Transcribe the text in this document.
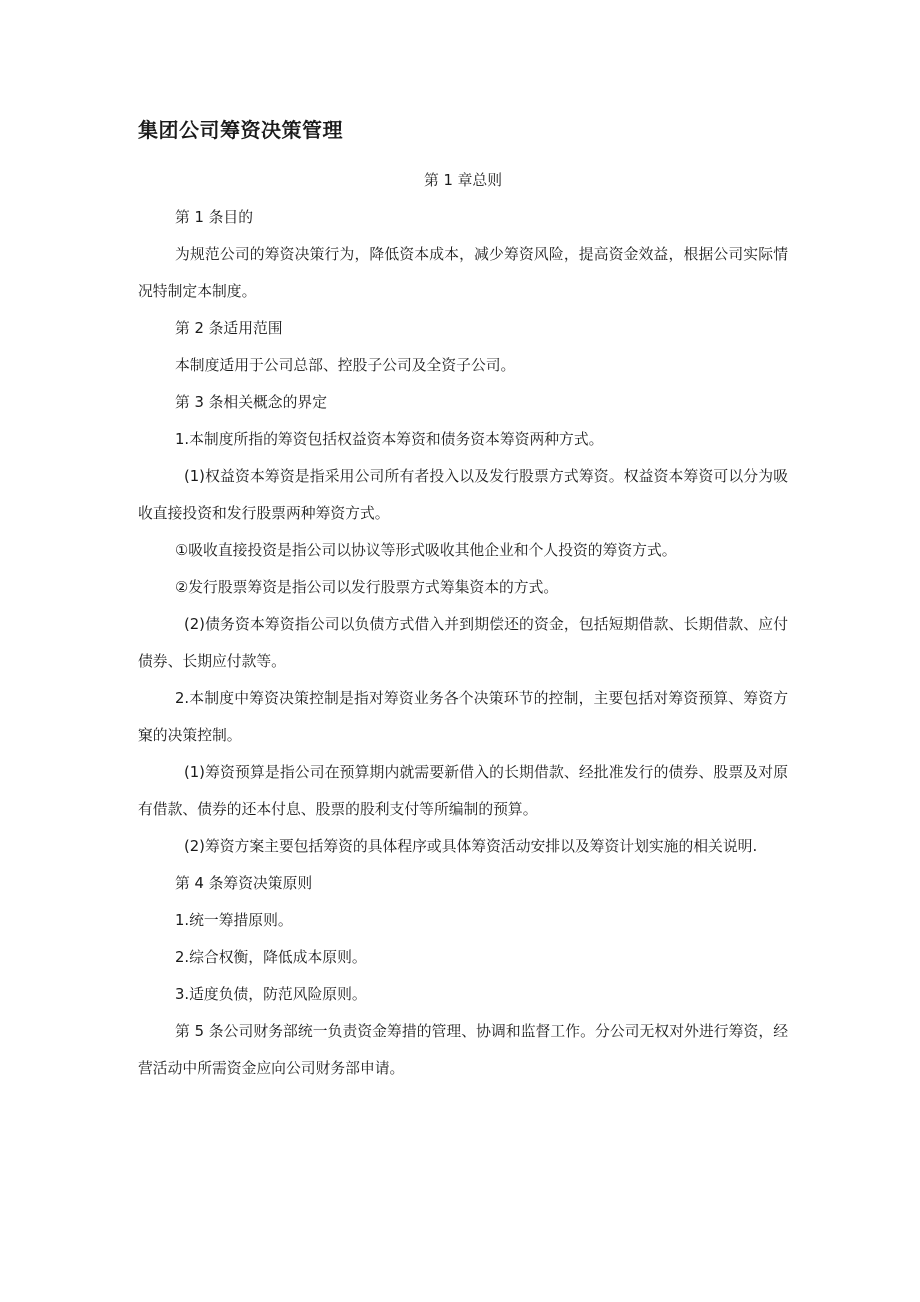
集团公司筹资决策管理

第 1 章总则

第 1 条目的

为规范公司的筹资决策行为，降低资本成本，减少筹资风险，提高资金效益，根据公司实际情况特制定本制度。

第 2 条适用范围

本制度适用于公司总部、控股子公司及全资子公司。

第 3 条相关概念的界定

1.本制度所指的筹资包括权益资本筹资和债务资本筹资两种方式。

(1)权益资本筹资是指采用公司所有者投入以及发行股票方式筹资。权益资本筹资可以分为吸收直接投资和发行股票两种筹资方式。

①吸收直接投资是指公司以协议等形式吸收其他企业和个人投资的筹资方式。

②发行股票筹资是指公司以发行股票方式筹集资本的方式。

(2)债务资本筹资指公司以负债方式借入并到期偿还的资金，包括短期借款、长期借款、应付债券、长期应付款等。

2.本制度中筹资决策控制是指对筹资业务各个决策环节的控制，主要包括对筹资预算、筹资方窠的决策控制。

(1)筹资预算是指公司在预算期内就需要新借入的长期借款、经批准发行的债券、股票及对原有借款、债券的还本付息、股票的股利支付等所编制的预算。

(2)筹资方案主要包括筹资的具体程序或具体筹资活动安排以及筹资计划实施的相关说明.

第 4 条筹资决策原则

1.统一筹措原则。

2.综合权衡，降低成本原则。

3.适度负债，防范风险原则。

第 5 条公司财务部统一负责资金筹措的管理、协调和监督工作。分公司无权对外进行筹资，经营活动中所需资金应向公司财务部申请。
